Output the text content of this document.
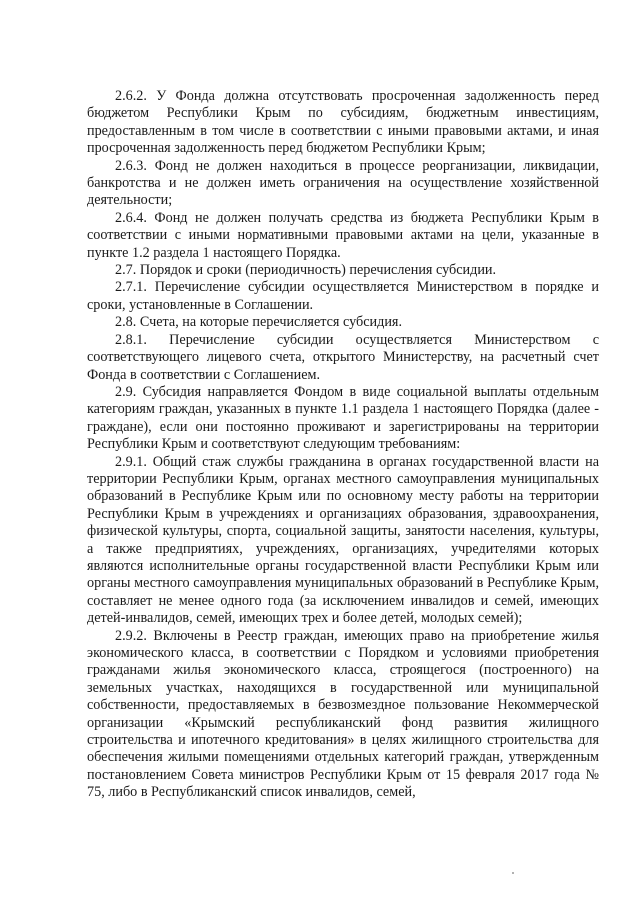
2.6.2. У Фонда должна отсутствовать просроченная задолженность перед бюджетом Республики Крым по субсидиям, бюджетным инвестициям, предоставленным в том числе в соответствии с иными правовыми актами, и иная просроченная задолженность перед бюджетом Республики Крым;

2.6.3. Фонд не должен находиться в процессе реорганизации, ликвидации, банкротства и не должен иметь ограничения на осуществление хозяйственной деятельности;

2.6.4. Фонд не должен получать средства из бюджета Республики Крым в соответствии с иными нормативными правовыми актами на цели, указанные в пункте 1.2 раздела 1 настоящего Порядка.

2.7. Порядок и сроки (периодичность) перечисления субсидии.

2.7.1. Перечисление субсидии осуществляется Министерством в порядке и сроки, установленные в Соглашении.

2.8. Счета, на которые перечисляется субсидия.

2.8.1. Перечисление субсидии осуществляется Министерством с соответствующего лицевого счета, открытого Министерству, на расчетный счет Фонда в соответствии с Соглашением.

2.9. Субсидия направляется Фондом в виде социальной выплаты отдельным категориям граждан, указанных в пункте 1.1 раздела 1 настоящего Порядка (далее - граждане), если они постоянно проживают и зарегистрированы на территории Республики Крым и соответствуют следующим требованиям:

2.9.1. Общий стаж службы гражданина в органах государственной власти на территории Республики Крым, органах местного самоуправления муниципальных образований в Республике Крым или по основному месту работы на территории Республики Крым в учреждениях и организациях образования, здравоохранения, физической культуры, спорта, социальной защиты, занятости населения, культуры, а также предприятиях, учреждениях, организациях, учредителями которых являются исполнительные органы государственной власти Республики Крым или органы местного самоуправления муниципальных образований в Республике Крым, составляет не менее одного года (за исключением инвалидов и семей, имеющих детей-инвалидов, семей, имеющих трех и более детей, молодых семей);

2.9.2. Включены в Реестр граждан, имеющих право на приобретение жилья экономического класса, в соответствии с Порядком и условиями приобретения гражданами жилья экономического класса, строящегося (построенного) на земельных участках, находящихся в государственной или муниципальной собственности, предоставляемых в безвозмездное пользование Некоммерческой организации «Крымский республиканский фонд развития жилищного строительства и ипотечного кредитования» в целях жилищного строительства для обеспечения жилыми помещениями отдельных категорий граждан, утвержденным постановлением Совета министров Республики Крым от 15 февраля 2017 года № 75, либо в Республиканский список инвалидов, семей,
